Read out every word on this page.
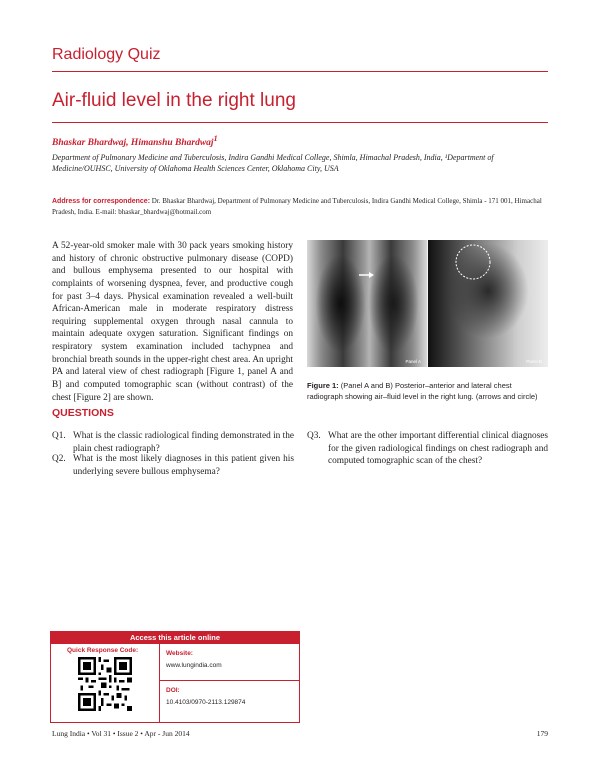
Radiology Quiz
Air-fluid level in the right lung
Bhaskar Bhardwaj, Himanshu Bhardwaj$^1$
Department of Pulmonary Medicine and Tuberculosis, Indira Gandhi Medical College, Shimla, Himachal Pradesh, India, ¹Department of Medicine/OUHSC, University of Oklahoma Health Sciences Center, Oklahoma City, USA
Address for correspondence: Dr. Bhaskar Bhardwaj, Department of Pulmonary Medicine and Tuberculosis, Indira Gandhi Medical College, Shimla - 171 001, Himachal Pradesh, India. E-mail: bhaskar_bhardwaj@hotmail.com
A 52-year-old smoker male with 30 pack years smoking history and history of chronic obstructive pulmonary disease (COPD) and bullous emphysema presented to our hospital with complaints of worsening dyspnea, fever, and productive cough for past 3–4 days. Physical examination revealed a well-built African-American male in moderate respiratory distress requiring supplemental oxygen through nasal cannula to maintain adequate oxygen saturation. Significant findings on respiratory system examination included tachypnea and bronchial breath sounds in the upper-right chest area. An upright PA and lateral view of chest radiograph [Figure 1, panel A and B] and computed tomographic scan (without contrast) of the chest [Figure 2] are shown.
Panel A	Panel B
Figure 1: (Panel A and B) Posterior–anterior and lateral chest radiograph showing air–fluid level in the right lung. (arrows and circle)
QUESTIONS
Q1. What is the classic radiological finding demonstrated in the plain chest radiograph?
Q2. What is the most likely diagnoses in this patient given his underlying severe bullous emphysema?
Q3. What are the other important differential clinical diagnoses for the given radiological findings on chest radiograph and computed tomographic scan of the chest?
Access this article online
Quick Response Code:	Website:
www.lungindia.com
DOI:
10.4103/0970-2113.129874
Lung India • Vol 31 • Issue 2 • Apr - Jun 2014	179
